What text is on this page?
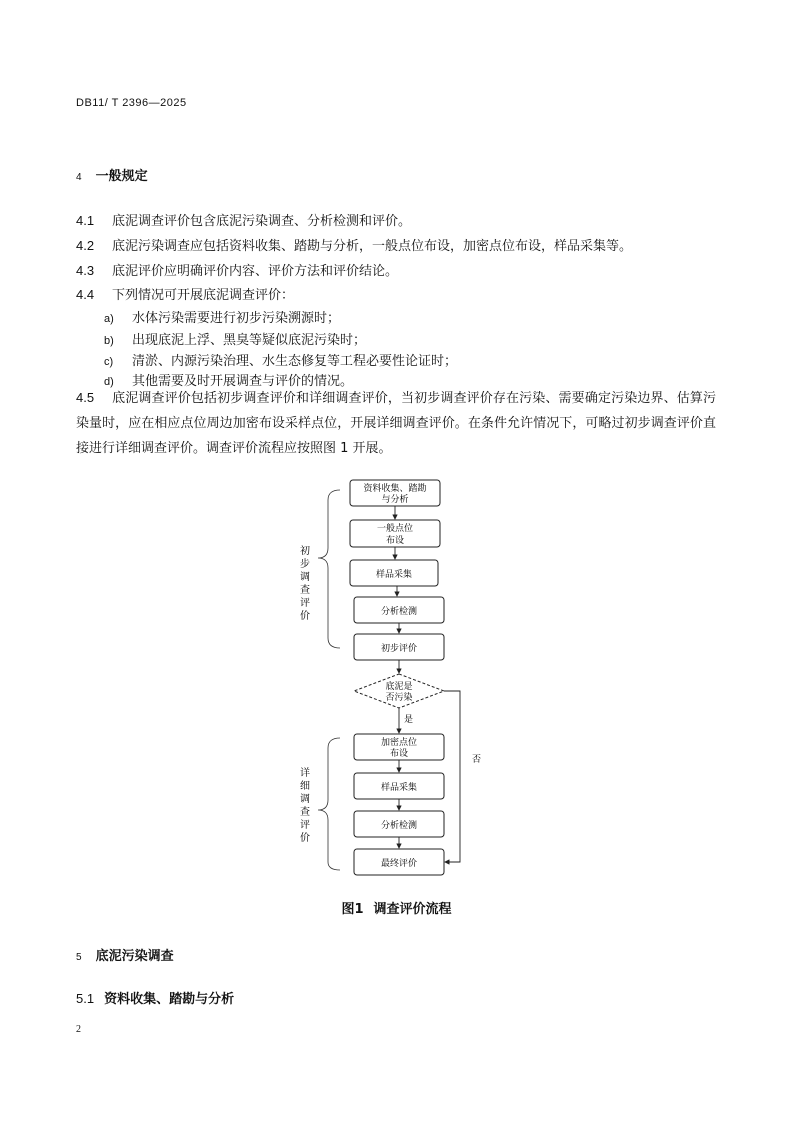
DB11/ T 2396—2025
4 一般规定
4.1 底泥调查评价包含底泥污染调查、分析检测和评价。
4.2 底泥污染调查应包括资料收集、踏勘与分析，一般点位布设，加密点位布设，样品采集等。
4.3 底泥评价应明确评价内容、评价方法和评价结论。
4.4 下列情况可开展底泥调查评价：
a) 水体污染需要进行初步污染溯源时；
b) 出现底泥上浮、黑臭等疑似底泥污染时；
c) 清淤、内源污染治理、水生态修复等工程必要性论证时；
d) 其他需要及时开展调查与评价的情况。
4.5 底泥调查评价包括初步调查评价和详细调查评价，当初步调查评价存在污染、需要确定污染边界、估算污染量时，应在相应点位周边加密布设采样点位，开展详细调查评价。在条件允许情况下，可略过初步调查评价直接进行详细调查评价。调查评价流程应按照图 1 开展。
初
步
调
查
评
价
详
细
调
查
评
价
资料收集、踏勘
与分析
一般点位
布设
样品采集
分析检测
初步评价
底泥是
否污染
是
加密点位
布设
样品采集
分析检测
最终评价
否
图1 调查评价流程
5 底泥污染调查
5.1 资料收集、踏勘与分析
2
